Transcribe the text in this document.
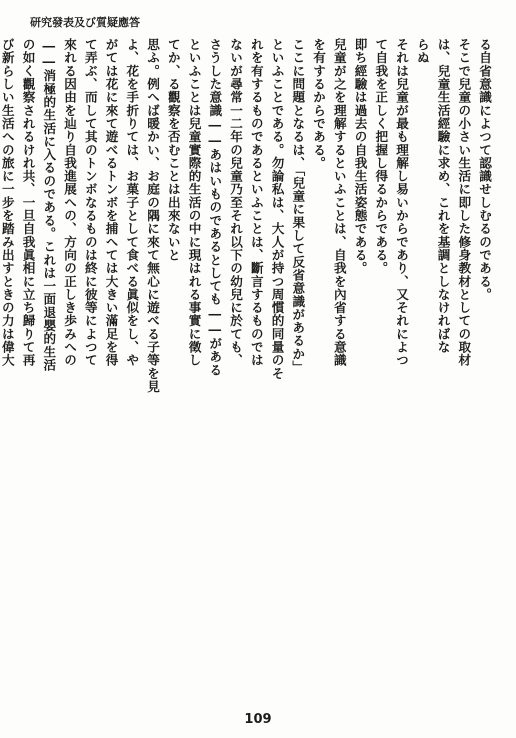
研究發表及び質疑應答

る自省意識によつて認識せしむるのである。

そこで兒童の小さい生活に即した修身教材としての取材

は、兒童生活經驗に求め、これを基調としなければな

らぬ

それは兒童が最も理解し易いからであり、又それによつ

て自我を正しく把握し得るからである。

即ち經驗は過去の自我生活姿態である。

兒童が之を理解するといふことは、自我を內省する意識

を有するからである。

ここに問題となるは、「兒童に果して反省意識があるか」

といふことである。勿論私は、大人が持つ周慣的同量のそ

れを有するものであるといふことは、斷言するものでは

ないが尋常一二年の兒童乃至それ以下の幼兒に於ても、

さうした意識――あはいものであるとしても――がある

といふことは兒童實際的生活の中に現はれる事實に徵し

てか、る觀察を否むことは出來ないと

思ふ。例へば暖かい、お庭の隅に來て無心に遊べる子等を見

よ、花を手折りては、お菓子として食べる眞似をし、や

がては花に來て遊べるトンボを捕へては大きい滿足を得

て弄ぶ、而して其のトンボなるものは終に彼等によつて

來れる因由を辿り自我進展への、方向の正しき歩みへの

――消極的生活に入るのである。これは一面退嬰的生活

の如く觀察されるけれ共、一旦自我眞相に立ち歸りて再

び新らしい生活への旅に一步を踏み出すときの力は偉大

109
